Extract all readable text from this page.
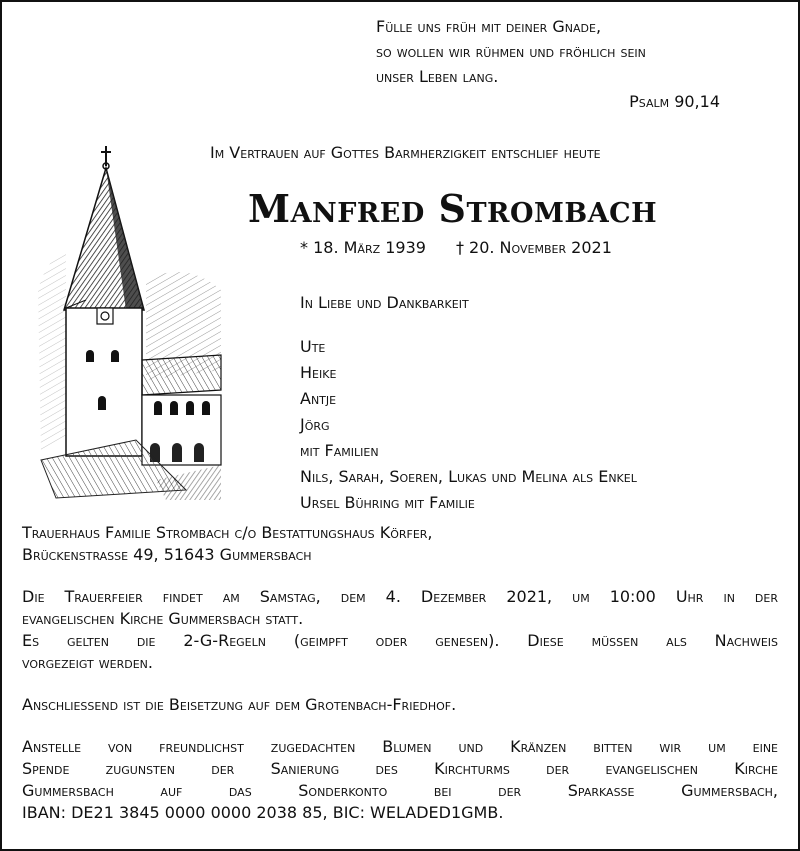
Fülle uns früh mit deiner Gnade,
so wollen wir rühmen und fröhlich sein
unser Leben lang.
Psalm 90,14
Im Vertrauen auf Gottes Barmherzigkeit entschlief heute
Manfred Strombach
* 18. März 1939 † 20. November 2021
In Liebe und Dankbarkeit
Ute
Heike
Antje
Jörg
mit Familien
Nils, Sarah, Soeren, Lukas und Melina als Enkel
Ursel Bühring mit Familie

Trauerhaus Familie Strombach c/o Bestattungshaus Körfer,
Brückenstrasse 49, 51643 Gummersbach

Die Trauerfeier findet am Samstag, dem 4. Dezember 2021, um 10:00 Uhr in der
evangelischen Kirche Gummersbach statt.
Es gelten die 2-G-Regeln (geimpft oder genesen). Diese müssen als Nachweis
vorgezeigt werden.

Anschliessend ist die Beisetzung auf dem Grotenbach-Friedhof.

Anstelle von freundlichst zugedachten Blumen und Kränzen bitten wir um eine
Spende zugunsten der Sanierung des Kirchturms der evangelischen Kirche
Gummersbach auf das Sonderkonto bei der Sparkasse Gummersbach,
IBAN: DE21 3845 0000 0000 2038 85, BIC: WELADED1GMB.
